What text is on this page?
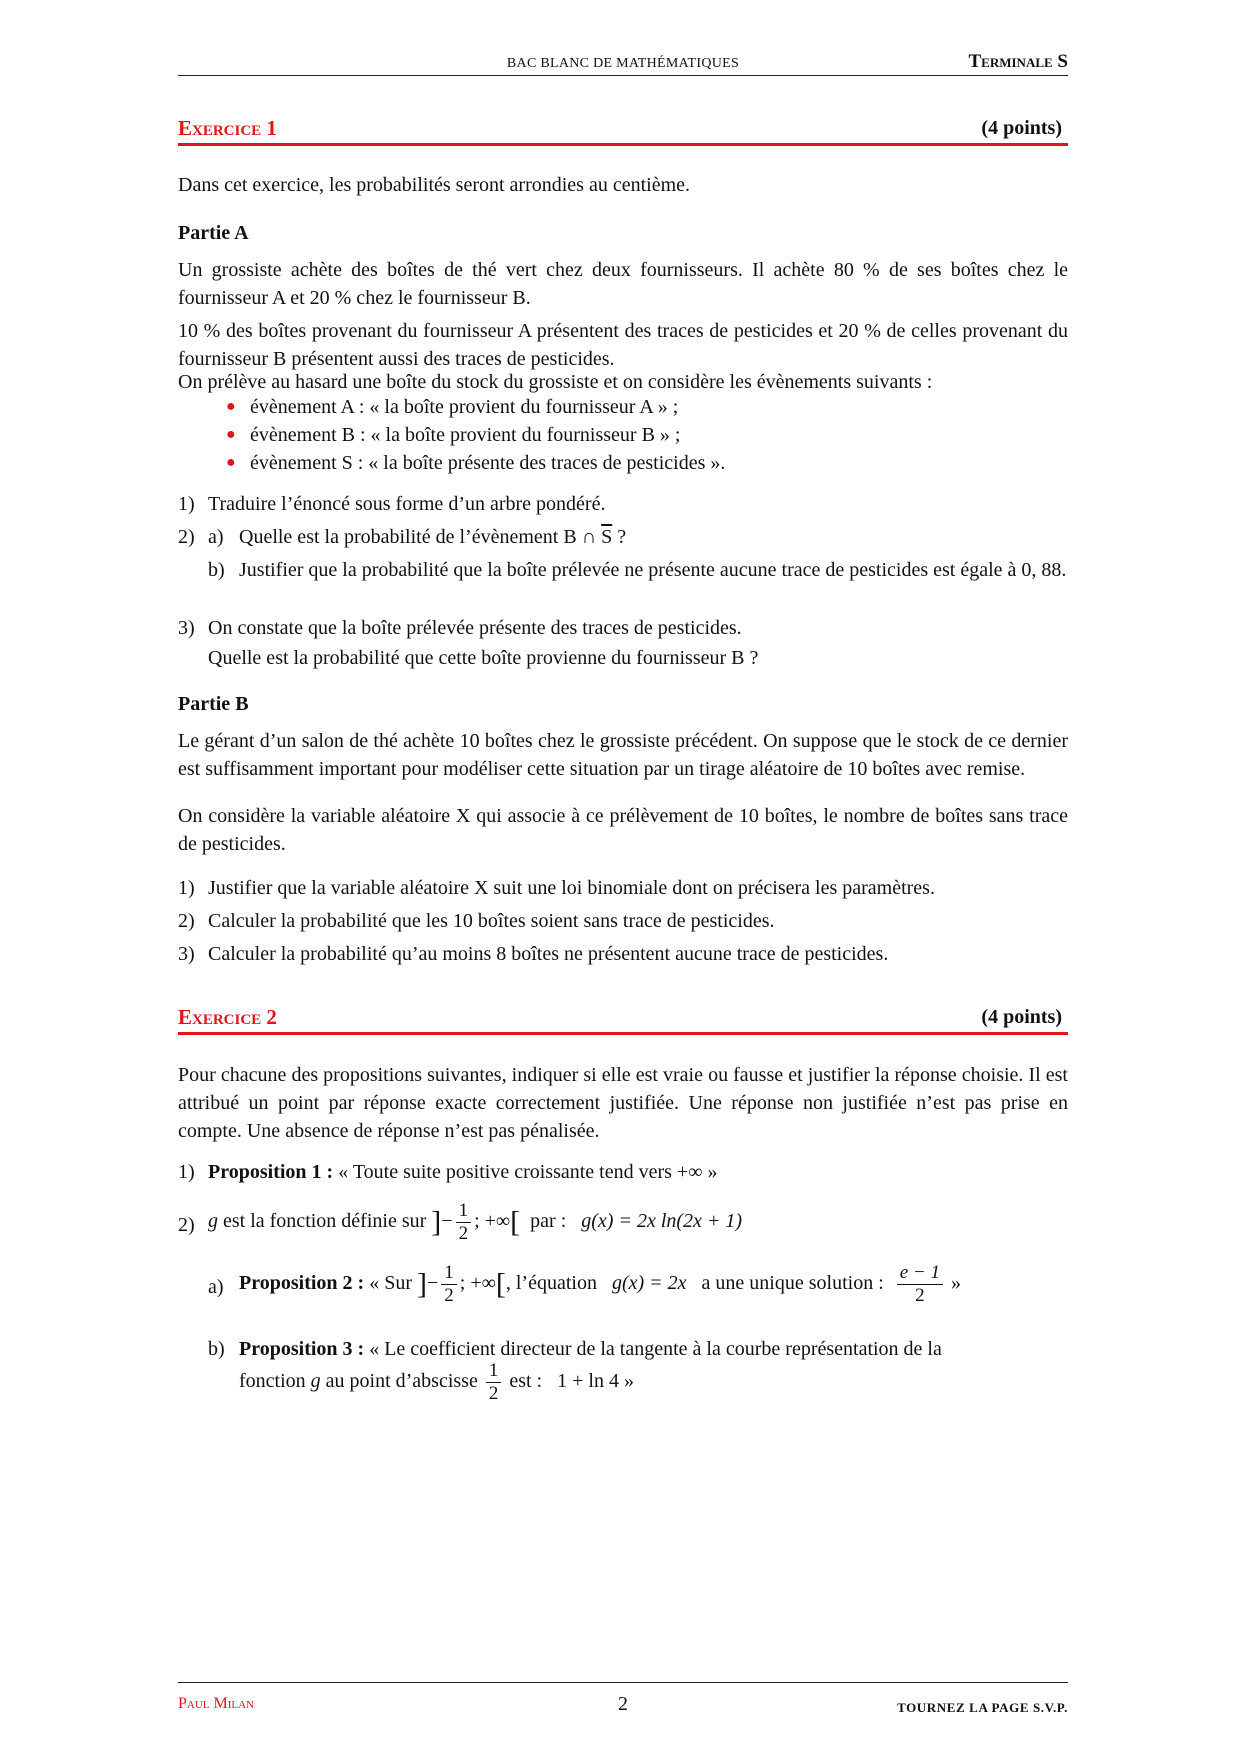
BAC BLANC DE MATHÉMATIQUES	Terminale S
Exercice 1	(4 points)
Dans cet exercice, les probabilités seront arrondies au centième.
Partie A
Un grossiste achète des boîtes de thé vert chez deux fournisseurs. Il achète 80 % de ses boîtes chez le fournisseur A et 20 % chez le fournisseur B.
10 % des boîtes provenant du fournisseur A présentent des traces de pesticides et 20 % de celles provenant du fournisseur B présentent aussi des traces de pesticides.
On prélève au hasard une boîte du stock du grossiste et on considère les évènements suivants :
● évènement A : « la boîte provient du fournisseur A » ;
● évènement B : « la boîte provient du fournisseur B » ;
● évènement S : « la boîte présente des traces de pesticides ».
1) Traduire l’énoncé sous forme d’un arbre pondéré.
2) a) Quelle est la probabilité de l’évènement B ∩ $\overline{S}$ ?
b) Justifier que la probabilité que la boîte prélevée ne présente aucune trace de pesticides est égale à 0, 88.
3) On constate que la boîte prélevée présente des traces de pesticides.
Quelle est la probabilité que cette boîte provienne du fournisseur B ?
Partie B
Le gérant d’un salon de thé achète 10 boîtes chez le grossiste précédent. On suppose que le stock de ce dernier est suffisamment important pour modéliser cette situation par un tirage aléatoire de 10 boîtes avec remise.
On considère la variable aléatoire X qui associe à ce prélèvement de 10 boîtes, le nombre de boîtes sans trace de pesticides.
1) Justifier que la variable aléatoire X suit une loi binomiale dont on précisera les paramètres.
2) Calculer la probabilité que les 10 boîtes soient sans trace de pesticides.
3) Calculer la probabilité qu’au moins 8 boîtes ne présentent aucune trace de pesticides.
Exercice 2	(4 points)
Pour chacune des propositions suivantes, indiquer si elle est vraie ou fausse et justifier la réponse choisie. Il est attribué un point par réponse exacte correctement justifiée. Une réponse non justifiée n’est pas prise en compte. Une absence de réponse n’est pas pénalisée.
1) Proposition 1 : « Toute suite positive croissante tend vers +∞ »
2) g est la fonction définie sur ]− $\frac{1}{2}$ ; +∞[ par : g(x) = 2x ln(2x + 1)
a) Proposition 2 : « Sur ]− $\frac{1}{2}$ ; +∞[, l’équation g(x) = 2x a une unique solution : $\frac{e - 1}{2}$ »
b) Proposition 3 : « Le coefficient directeur de la tangente à la courbe représentation de la
fonction g au point d’abscisse $\frac{1}{2}$ est : 1 + ln 4 »
Paul Milan	2	TOURNEZ LA PAGE S.V.P.
